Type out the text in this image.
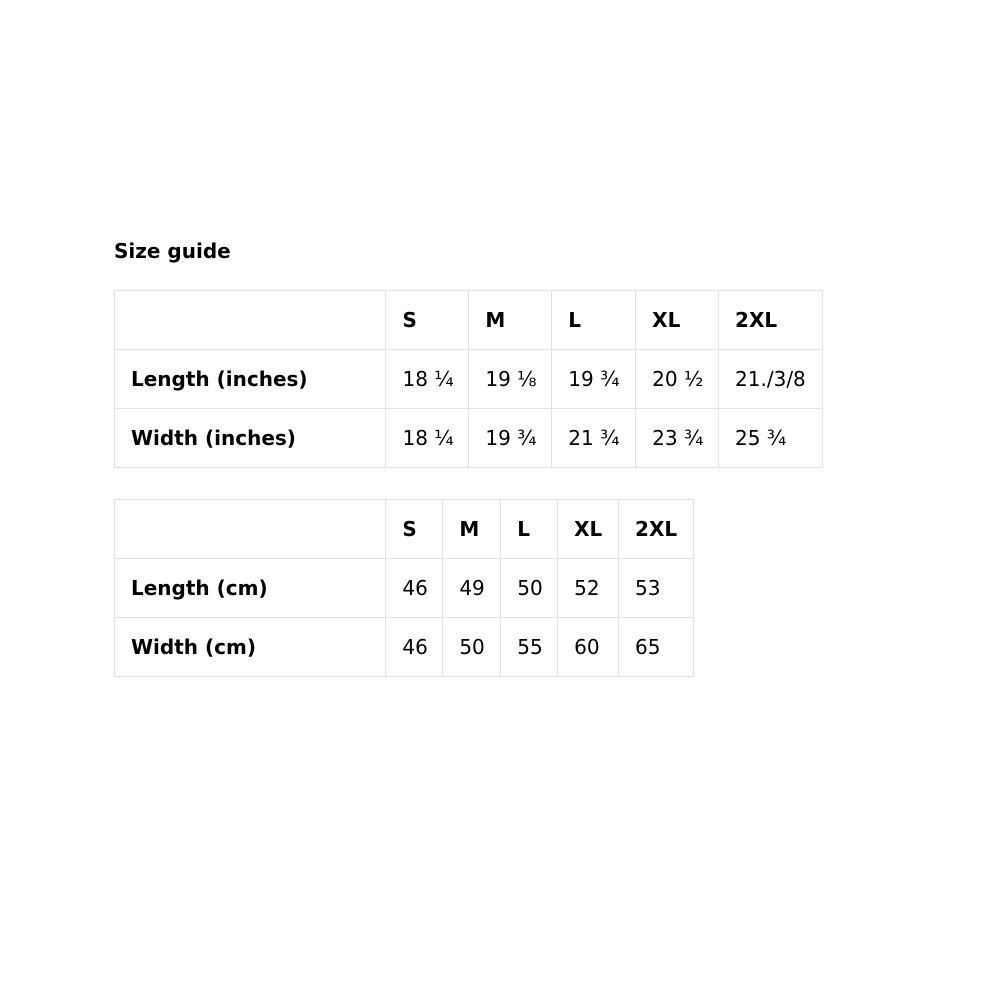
Size guide
	S	M	L	XL	2XL
Length (inches)	18 ¼	19 ⅛	19 ¾	20 ½	21./3/8
Width (inches)	18 ¼	19 ¾	21 ¾	23 ¾	25 ¾
	S	M	L	XL	2XL
Length (cm)	46	49	50	52	53
Width (cm)	46	50	55	60	65
